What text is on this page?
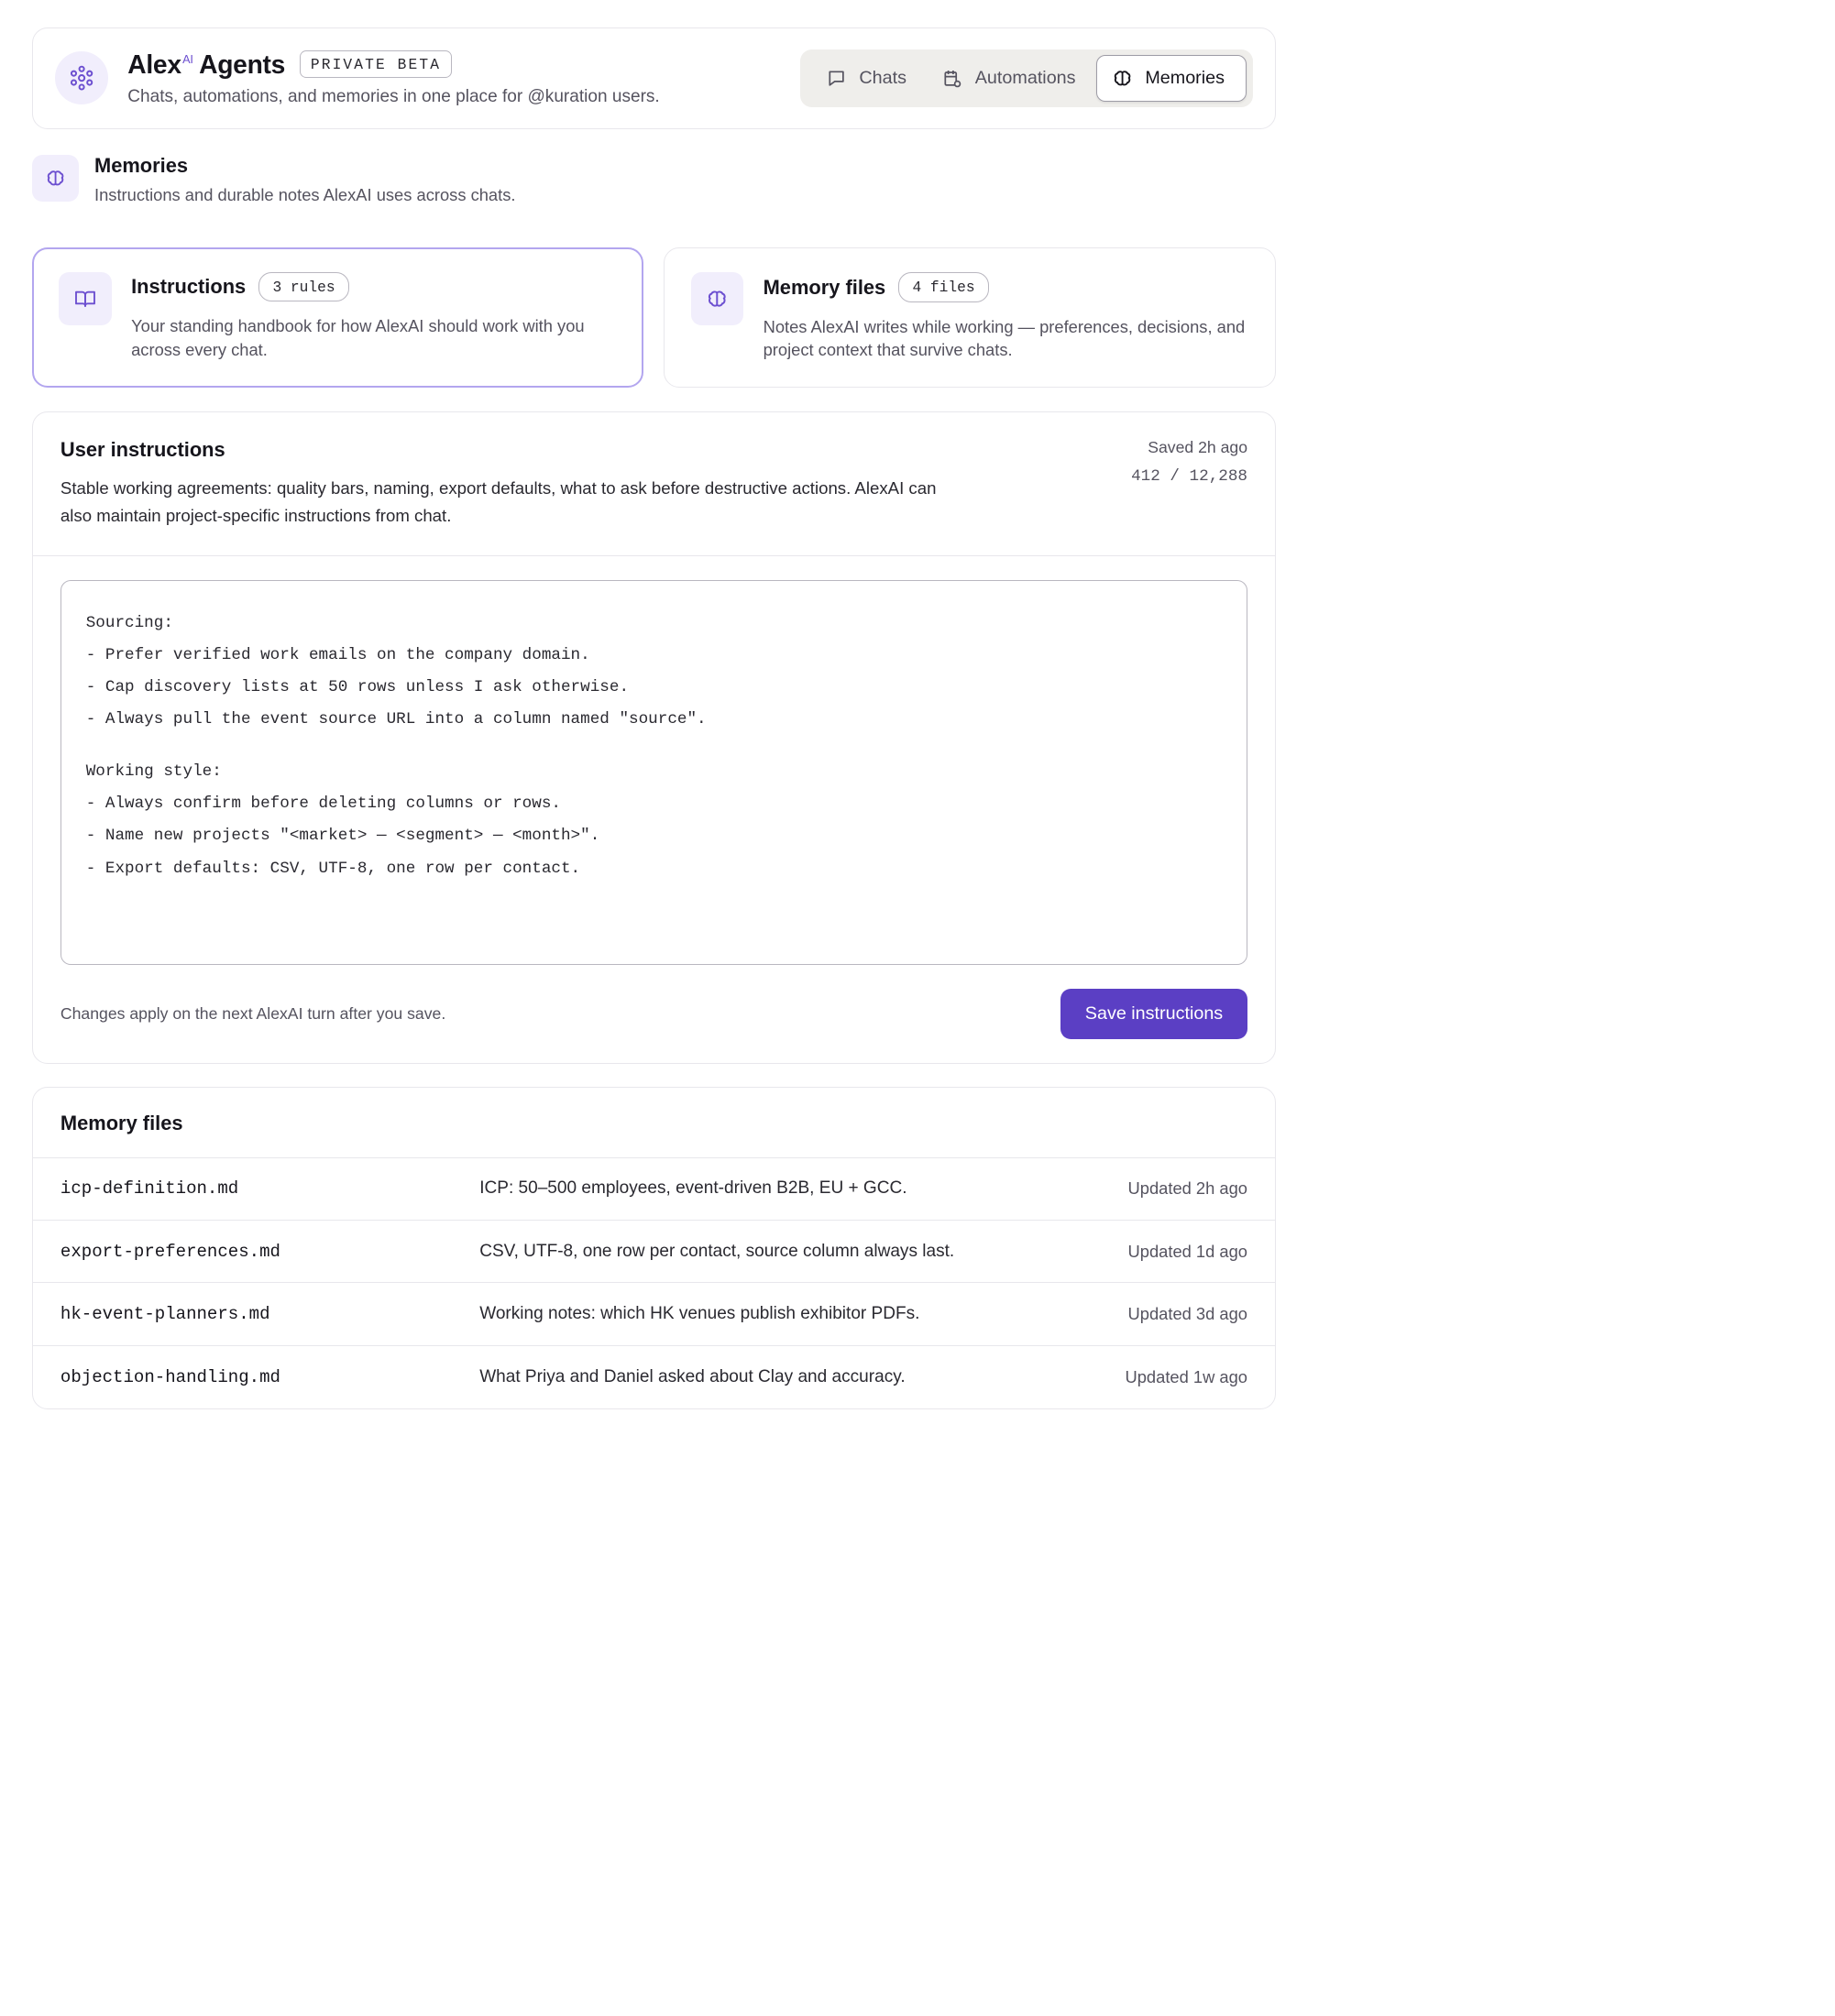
Alex$^{AI}$ Agents	PRIVATE BETA
Chats, automations, and memories in one place for @kuration users.
Chats	Automations	Memories
Memories
Instructions and durable notes AlexAI uses across chats.
Instructions	3 rules
Your standing handbook for how AlexAI should work with you across every chat.
Memory files	4 files
Notes AlexAI writes while working — preferences, decisions, and project context that survive chats.
User instructions
Stable working agreements: quality bars, naming, export defaults, what to ask before destructive actions. AlexAI can also maintain project-specific instructions from chat.
Saved 2h ago
412 / 12,288
Sourcing:
- Prefer verified work emails on the company domain.
- Cap discovery lists at 50 rows unless I ask otherwise.
- Always pull the event source URL into a column named "source".
Working style:
- Always confirm before deleting columns or rows.
- Name new projects "<market> — <segment> — <month>".
- Export defaults: CSV, UTF-8, one row per contact.
Changes apply on the next AlexAI turn after you save.	Save instructions
Memory files
icp-definition.md	ICP: 50–500 employees, event-driven B2B, EU + GCC.	Updated 2h ago
export-preferences.md	CSV, UTF-8, one row per contact, source column always last.	Updated 1d ago
hk-event-planners.md	Working notes: which HK venues publish exhibitor PDFs.	Updated 3d ago
objection-handling.md	What Priya and Daniel asked about Clay and accuracy.	Updated 1w ago
